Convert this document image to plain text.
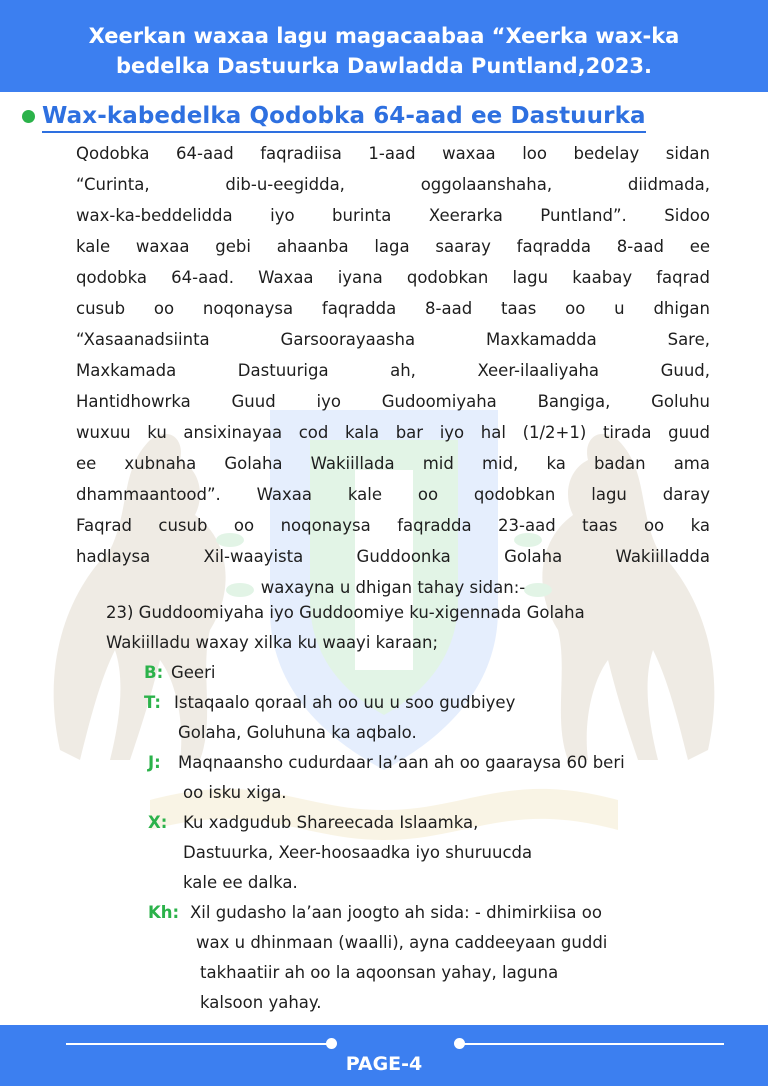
Xeerkan waxaa lagu magacaabaa “Xeerka wax-ka
bedelka Dastuurka Dawladda Puntland,2023.
Wax-kabedelka Qodobka 64-aad ee Dastuurka
Qodobka 64-aad faqradiisa 1-aad waxaa loo bedelay sidan
“Curinta, dib-u-eegidda, oggolaanshaha, diidmada,
wax-ka-beddelidda iyo burinta Xeerarka Puntland”. Sidoo
kale waxaa gebi ahaanba laga saaray faqradda 8-aad ee
qodobka 64-aad. Waxaa iyana qodobkan lagu kaabay faqrad
cusub oo noqonaysa faqradda 8-aad taas oo u dhigan
“Xasaanadsiinta Garsoorayaasha Maxkamadda Sare,
Maxkamada Dastuuriga ah, Xeer-ilaaliyaha Guud,
Hantidhowrka Guud iyo Gudoomiyaha Bangiga, Goluhu
wuxuu ku ansixinayaa cod kala bar iyo hal (1/2+1) tirada guud
ee xubnaha Golaha Wakiillada mid mid, ka badan ama
dhammaantood”. Waxaa kale oo qodobkan lagu daray
Faqrad cusub oo noqonaysa faqradda 23-aad taas oo ka
hadlaysa Xil-waayista Guddoonka Golaha Wakiilladda
waxayna u dhigan tahay sidan:-
23) Guddoomiyaha iyo Guddoomiye ku-xigennada Golaha
Wakiilladu waxay xilka ku waayi karaan;
B: Geeri
T: Istaqaalo qoraal ah oo uu u soo gudbiyey
Golaha, Goluhuna ka aqbalo.
J: Maqnaansho cudurdaar la’aan ah oo gaaraysa 60 beri
oo isku xiga.
X: Ku xadgudub Shareecada Islaamka,
Dastuurka, Xeer-hoosaadka iyo shuruucda
kale ee dalka.
Kh: Xil gudasho la’aan joogto ah sida: - dhimirkiisa oo
wax u dhinmaan (waalli), ayna caddeeyaan guddi
takhaatiir ah oo la aqoonsan yahay, laguna
kalsoon yahay.
PAGE-4
